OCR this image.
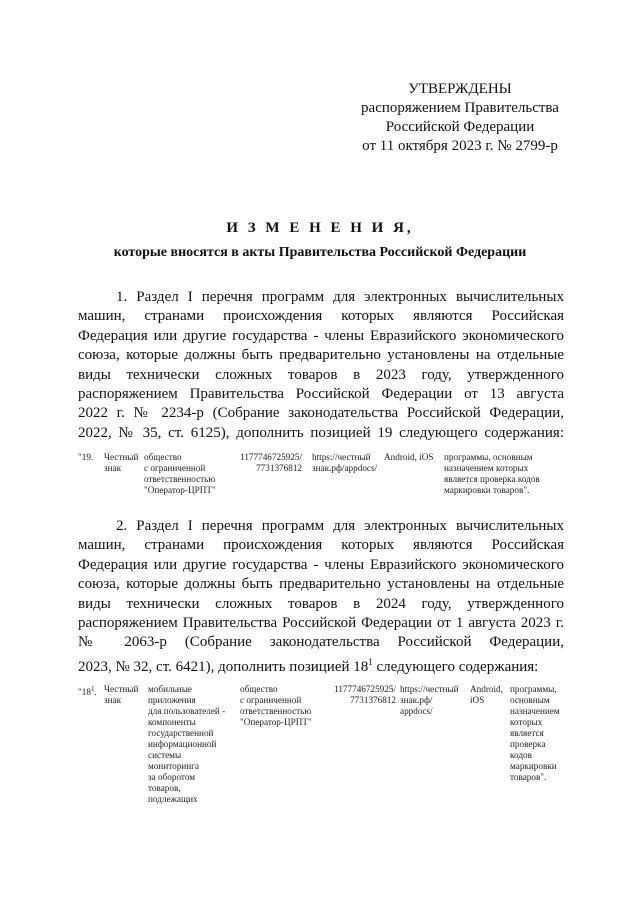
УТВЕРЖДЕНЫ
распоряжением Правительства
Российской Федерации
от 11 октября 2023 г. № 2799-р
И З М Е Н Е Н И Я,
которые вносятся в акты Правительства Российской Федерации
1. Раздел I перечня программ для электронных вычислительных
машин, странами происхождения которых являются Российская
Федерация или другие государства - члены Евразийского экономического
союза, которые должны быть предварительно установлены на отдельные
виды технически сложных товаров в 2023 году, утвержденного
распоряжением Правительства Российской Федерации от 13 августа
2022 г. № 2234-р (Собрание законодательства Российской Федерации,
2022, № 35, ст. 6125), дополнить позицией 19 следующего содержания:
"19. Честный
знак
общество
с ограниченной
ответственностью
"Оператор-ЦРПТ"
1177746725925/
7731376812
https://честный
знак.рф/appdocs/
Android, iOS программы, основным
назначением которых
является проверка кодов
маркировки товаров".
2. Раздел I перечня программ для электронных вычислительных
машин, странами происхождения которых являются Российская
Федерация или другие государства - члены Евразийского экономического
союза, которые должны быть предварительно установлены на отдельные
виды технически сложных товаров в 2024 году, утвержденного
распоряжением Правительства Российской Федерации от 1 августа 2023 г.
№ 2063-р (Собрание законодательства Российской Федерации,
2023, № 32, ст. 6421), дополнить позицией $18^1$ следующего содержания:
"$18^1$. Честный
знак
мобильные
приложения
для пользователей -
компоненты
государственной
информационной
системы
мониторинга
за оборотом
товаров,
подлежащих
общество
с ограниченной
ответственностью
"Оператор-ЦРПТ"
1177746725925/
7731376812
https://честный
знак.рф/
appdocs/
Android,
iOS
программы,
основным
назначением
которых
является
проверка
кодов
маркировки
товаров".
